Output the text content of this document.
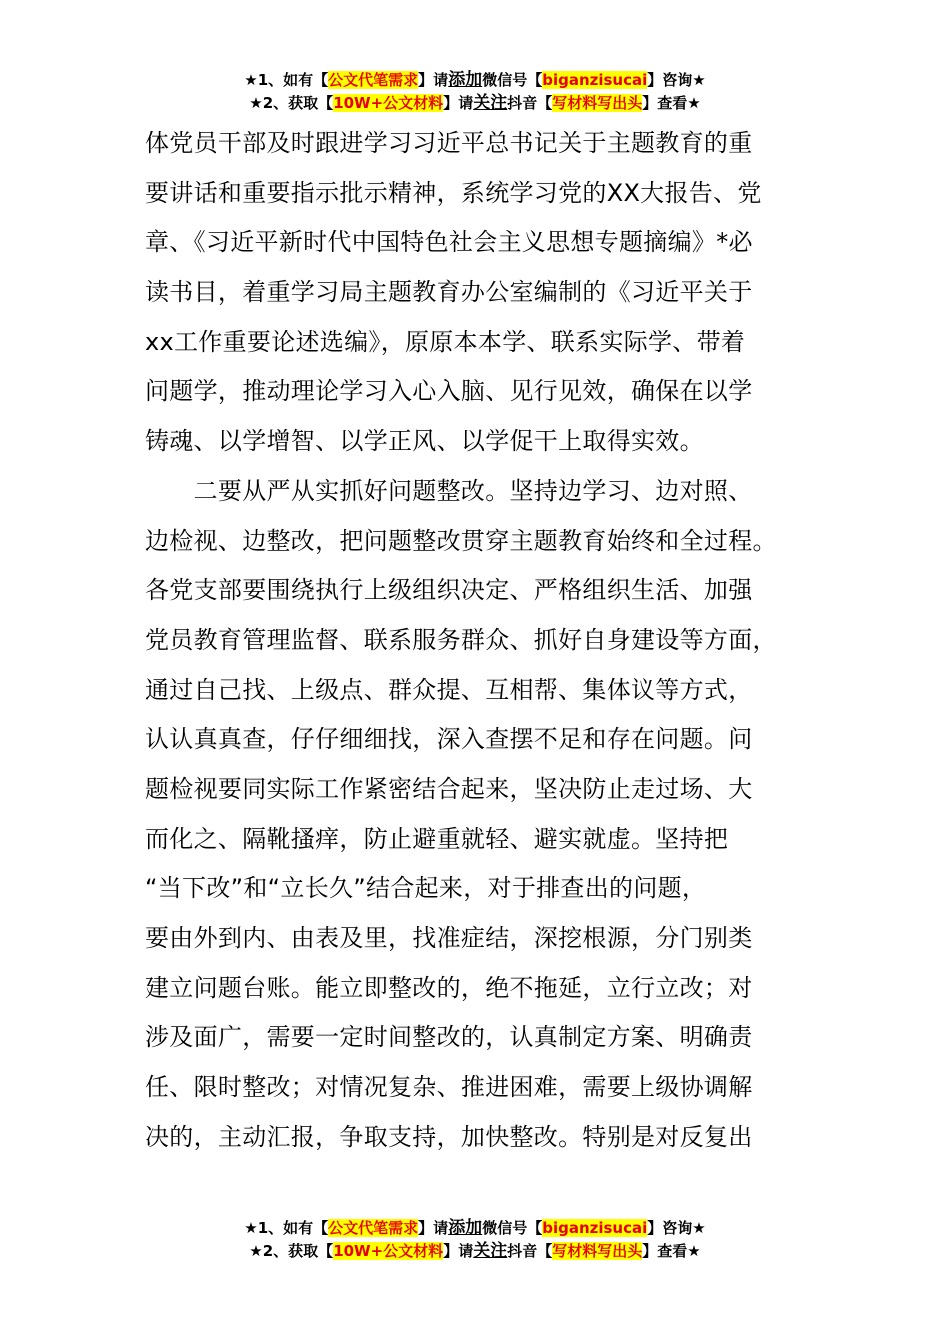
★1、如有【公文代笔需求】请添加微信号【biganzisucai】咨询★
★2、获取【10W+公文材料】请关注抖音【写材料写出头】查看★
体党员干部及时跟进学习习近平总书记关于主题教育的重
要讲话和重要指示批示精神，系统学习党的XX大报告、党
章、《习近平新时代中国特色社会主义思想专题摘编》*必
读书目，着重学习局主题教育办公室编制的《习近平关于
xx工作重要论述选编》，原原本本学、联系实际学、带着
问题学，推动理论学习入心入脑、见行见效，确保在以学
铸魂、以学增智、以学正风、以学促干上取得实效。
　　二要从严从实抓好问题整改。坚持边学习、边对照、
边检视、边整改，把问题整改贯穿主题教育始终和全过程。
各党支部要围绕执行上级组织决定、严格组织生活、加强
党员教育管理监督、联系服务群众、抓好自身建设等方面，
通过自己找、上级点、群众提、互相帮、集体议等方式，
认认真真查，仔仔细细找，深入查摆不足和存在问题。问
题检视要同实际工作紧密结合起来，坚决防止走过场、大
而化之、隔靴搔痒，防止避重就轻、避实就虚。坚持把
“当下改”和“立长久”结合起来，对于排查出的问题，
要由外到内、由表及里，找准症结，深挖根源，分门别类
建立问题台账。能立即整改的，绝不拖延，立行立改；对
涉及面广，需要一定时间整改的，认真制定方案、明确责
任、限时整改；对情况复杂、推进困难，需要上级协调解
决的，主动汇报，争取支持，加快整改。特别是对反复出
★1、如有【公文代笔需求】请添加微信号【biganzisucai】咨询★
★2、获取【10W+公文材料】请关注抖音【写材料写出头】查看★
